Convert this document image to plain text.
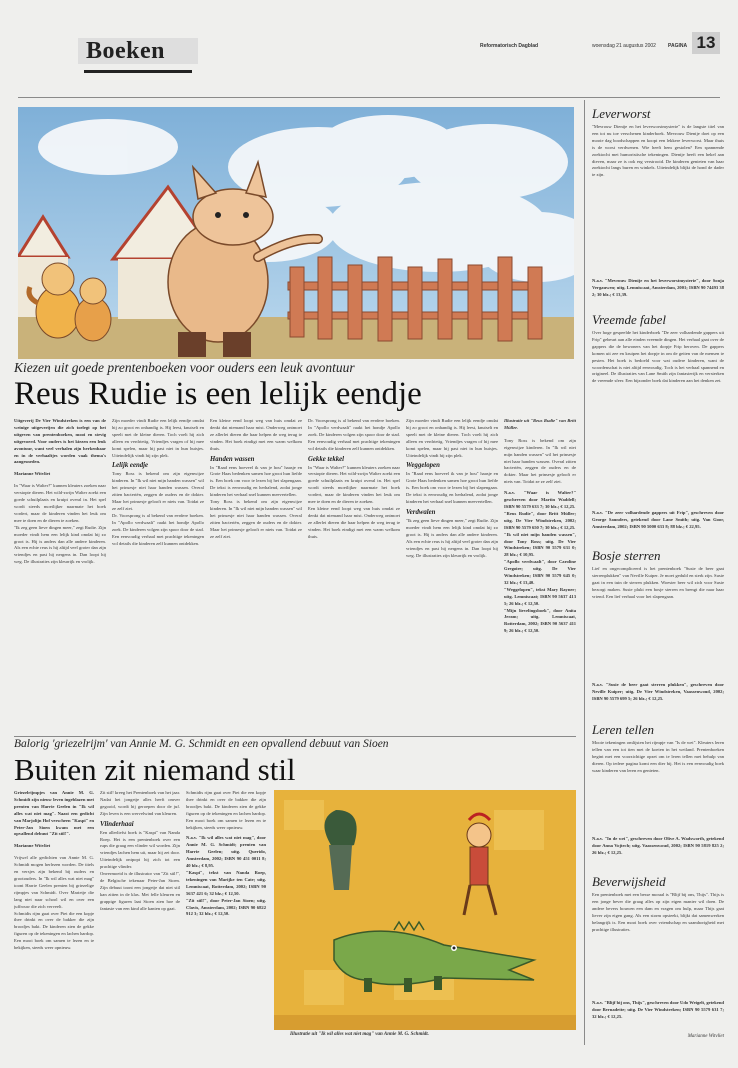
Boeken	Reformatorisch Dagblad	woensdag 21 augustus 2002 PAGINA 13
Kiezen uit goede prentenboeken voor ouders een leuk avontuur
Reus Rudie is een lelijk eendje

Uitgeverij De Vier Windstreken is een van de weinige uitgeverijen die zich toelegt op het uitgeven van prentenboeken, mooi en stevig uitgevoerd. Voor ouders is het kiezen een leuk avontuur, want veel verhalen zijn herkenbaar en in de verhaaltjes worden vaak thema's aangesneden.

Marianne Witvliet

In "Waar is Walter?" kunnen kleuters zoeken naar verstopte dieren. Het wild-zwijn Walter zoekt een goede schuilplaats en kruipt overal in. Het spel wordt steeds moeilijker naarmate het boek vordert, maar de kinderen vinden het leuk om mee te doen en de dieren te zoeken.

"Ik zeg geen lieve dingen meer," zegt Rudie. Zijn moeder vindt hem een lelijk kind omdat hij zo groot is. Hij is anders dan alle andere kinderen. Als een echte reus is hij altijd veel groter dan zijn vriendjes en past hij nergens in. Dan loopt hij weg. De illustraties zijn kleurrijk en vrolijk.

Zijn moeder vindt Rudie een lelijk eendje omdat hij zo groot en onhandig is. Hij leest, knutselt en speelt met de kleine dieren. Toch voelt hij zich alleen en verdrietig. Vriendjes vragen of hij mee komt spelen, maar hij past niet in hun huisjes. Uiteindelijk vindt hij zijn plek.

Lelijk eendje

Tony Ross is bekend om zijn eigenwijze kinderen. In "Ik wil niet mijn handen wassen" wil het prinsesje niet haar handen wassen. Overal zitten bacteriën, zeggen de ouders en de dokter. Maar het prinsesje gelooft er niets van. Totdat ze ze zelf ziet.

Dr. Voorsprong is al bekend van eerdere boeken. In "Apollo verdwaalt" raakt het hondje Apollo zoek. De kinderen volgen zijn spoor door de stad. Een eenvoudig verhaal met prachtige tekeningen vol details die kinderen zelf kunnen ontdekken.

Een kleine eend loopt weg van huis omdat ze denkt dat niemand haar mist. Onderweg ontmoet ze allerlei dieren die haar helpen de weg terug te vinden. Het boek eindigt met een warm welkom thuis.

Handen wassen

In "Raad eens hoeveel ik van je hou" haasje en Grote Haas bedenken samen hoe groot hun liefde is. Een boek om voor te lezen bij het slapengaan. De tekst is eenvoudig en herhalend, zodat jonge kinderen het verhaal snel kunnen meevertellen.

Tony Ross is bekend om zijn eigenwijze kinderen. In "Ik wil niet mijn handen wassen" wil het prinsesje niet haar handen wassen. Overal zitten bacteriën, zeggen de ouders en de dokter. Maar het prinsesje gelooft er niets van. Totdat ze ze zelf ziet.

Dr. Voorsprong is al bekend van eerdere boeken. In "Apollo verdwaalt" raakt het hondje Apollo zoek. De kinderen volgen zijn spoor door de stad. Een eenvoudig verhaal met prachtige tekeningen vol details die kinderen zelf kunnen ontdekken.

Gekke tekkel

In "Waar is Walter?" kunnen kleuters zoeken naar verstopte dieren. Het wild-zwijn Walter zoekt een goede schuilplaats en kruipt overal in. Het spel wordt steeds moeilijker naarmate het boek vordert, maar de kinderen vinden het leuk om mee te doen en de dieren te zoeken.

Een kleine eend loopt weg van huis omdat ze denkt dat niemand haar mist. Onderweg ontmoet ze allerlei dieren die haar helpen de weg terug te vinden. Het boek eindigt met een warm welkom thuis.

Zijn moeder vindt Rudie een lelijk eendje omdat hij zo groot en onhandig is. Hij leest, knutselt en speelt met de kleine dieren. Toch voelt hij zich alleen en verdrietig. Vriendjes vragen of hij mee komt spelen, maar hij past niet in hun huisjes. Uiteindelijk vindt hij zijn plek.

Weggelopen

In "Raad eens hoeveel ik van je hou" haasje en Grote Haas bedenken samen hoe groot hun liefde is. Een boek om voor te lezen bij het slapengaan. De tekst is eenvoudig en herhalend, zodat jonge kinderen het verhaal snel kunnen meevertellen.

Verdwalen

"Ik zeg geen lieve dingen meer," zegt Rudie. Zijn moeder vindt hem een lelijk kind omdat hij zo groot is. Hij is anders dan alle andere kinderen. Als een echte reus is hij altijd veel groter dan zijn vriendjes en past hij nergens in. Dan loopt hij weg. De illustraties zijn kleurrijk en vrolijk.

Illustratie uit "Reus Rudie" van Britt Müller.

Tony Ross is bekend om zijn eigenwijze kinderen. In "Ik wil niet mijn handen wassen" wil het prinsesje niet haar handen wassen. Overal zitten bacteriën, zeggen de ouders en de dokter. Maar het prinsesje gelooft er niets van. Totdat ze ze zelf ziet.

N.a.v. "Waar is Walter?" geschreven door Martin Waddell; ISBN 90 5579 633 7; 30 blz.; € 12,25.

"Reus Rudie", door Britt Müller; uitg. De Vier Windstreken, 2002; ISBN 90 5579 650 7; 30 blz.; € 12,25.

"Ik wil niet mijn handen wassen", door Tony Ross; uitg. De Vier Windstreken; ISBN 90 5579 631 0; 28 blz.; € 10,95.

"Apollo verdwaalt", door Caroline Gregoire; uitg. De Vier Windstreken; ISBN 90 5579 645 0; 32 blz.; € 13,40.

"Weggelopen", tekst Mary Rayner; uitg. Lemniscaat; ISBN 90 5637 413 5; 26 blz.; € 12,50.

"Mijn lievelingsboek", door Anita Jeram; uitg. Lemniscaat, Rotterdam, 2002; ISBN 90 5637 411 9; 26 blz.; € 12,50.

Balorig 'griezelrijm' van Annie M. G. Schmidt en een opvallend debuut van Sioen
Buiten zit niemand stil

Griezelrijmpjes van Annie M. G. Schmidt zijn nieuw leven ingeblazen met prenten van Harrie Geelen in "Ik wil alles wat niet mag". Naast een gedicht van Marjolijn Hof verscheen "Kaspi" en Peter-Jan Sioen kwam met een opvallend debuut "Zit stil!".

Marianne Witvliet

Vrijwel alle gedichten van Annie M. G. Schmidt mogen herlezen worden. De titels en versjes zijn bekend bij ouders en grootouders. In "Ik wil alles wat niet mag" toont Harrie Geelen prenten bij griezelige rijmpjes van Schmidt. Over Marietje die lang niet naar school wil en over een juffrouw die zich verveelt.

Schmidts rijm gaat over Piet die een kopje thee drinkt en over de bakker die zijn broodjes bakt. De kinderen zien de gekke figuren op de tekeningen en lachen hardop. Een mooi boek om samen te lezen en te bekijken, steeds weer opnieuw.

Zit stil! kreeg het Prentenboek van het jaar. Nadat het jongetje alles heeft omver gegooid, wordt hij geroepen door de juf. Zijn leven is een wervelwind van kleuren.

Vlinderhaai

Een allerliefst boek is "Kaspi" van Nanda Roep. Het is een prentenboek over een rups die graag een vlinder wil worden. Zijn vriendjes lachen hem uit, maar hij zet door. Uiteindelijk ontpopt hij zich tot een prachtige vlinder.

Onvermoeid is de illustrator van "Zit stil!", de Belgische tekenaar Peter-Jan Sioen. Zijn debuut toont een jongetje dat niet stil kan zitten in de klas. Met felle kleuren en grappige figuren laat Sioen zien hoe de fantasie van een kind alle kanten op gaat.

Schmidts rijm gaat over Piet die een kopje thee drinkt en over de bakker die zijn broodjes bakt. De kinderen zien de gekke figuren op de tekeningen en lachen hardop. Een mooi boek om samen te lezen en te bekijken, steeds weer opnieuw.

N.a.v. "Ik wil alles wat niet mag", door Annie M. G. Schmidt; prenten van Harrie Geelen; uitg. Querido, Amsterdam, 2002; ISBN 90 451 0011 8; 40 blz.; € 8,95.

"Kaspi", tekst van Nanda Roep, tekeningen van Marijke ten Cate; uitg. Lemniscaat, Rotterdam, 2002; ISBN 90 5637 421 6; 32 blz.; € 12,50.

"Zit stil!", door Peter-Jan Sioen; uitg. Clavis, Amsterdam, 2002; ISBN 90 6822 912 3; 32 blz.; € 12,50.

Illustratie uit "Ik wil alles wat niet mag" van Annie M. G. Schmidt.
Leverworst
"Mevrouw Dienije en het leverworstmysterie" is de langste titel van een tot nu toe verschenen kinderboek. Mevrouw Dienije doet op een mooie dag boodschappen en koopt een lekkere leverworst. Maar thuis is de worst verdwenen. Wie heeft hem gestolen? Een spannende zoektocht met humoristische tekeningen. Dienije heeft een hekel aan dieven, maar ze is ook erg verstrooid. De kinderen genieten van haar zoektocht langs buren en winkels. Uiteindelijk blijkt de hond de dader te zijn.
N.a.v. "Mevrouw Dienije en het leverworstmysterie", door Sonja Vergauwen; uitg. Lemniscaat, Amsterdam, 2001; ISBN 90 74493 38 2; 30 blz.; € 13,39.
Vreemde fabel
Over hoge gespeelde het kinderboek "De zeer volhardende gappers uit Frip" gebeurt aan alle einden vreemde dingen. Het verhaal gaat over de gappers die de bewoners van het dorpje Frip beroven. De gappers komen uit zee en kruipen het dorpje in om de geiten van de mensen te pesten. Het boek is bedoeld voor wat oudere kinderen, want de woordenschat is niet altijd eenvoudig. Toch is het verhaal spannend en origineel. De illustraties van Lane Smith zijn fantasierijk en versterken de vreemde sfeer. Een bijzonder boek dat kinderen aan het denken zet.
N.a.v. "De zeer volhardende gappers uit Frip", geschreven door George Saunders, getekend door Lane Smith; uitg. Van Goor, Amsterdam, 2002; ISBN 90 5000 633 8; 88 blz.; € 22,95.
Bosje sterren
Lief en ongecompliceerd is het prentenboek "Susie de beer gaat sterrenplukken" van Neville Kuiper. Je moet geduld en sterk zijn. Susie gaat in een tuin de sterren plukken. Woester beer wil zich voor Susie bezorgt maken. Susie plukt een bosje sterren en brengt die naar haar vriend. Een lief verhaal voor het slapengaan.
N.a.v. "Susie de beer gaat sterren plukken", geschreven door Neville Kuiper; uitg. De Vier Windstreken, Vaassenwoud, 2002; ISBN 90 5579 699 5; 26 blz.; € 12,25.
Leren tellen
Mooie tekeningen omlijsten het rijmpje van "Is de wei". Kleuters leren tellen van een tot tien met de koeien in het weiland. Prentenboeken begint met een voorzichtige opzet om te leren tellen met behulp van dieren. Op iedere pagina komt een dier bij. Het is een eenvoudig boek waar kinderen van leren en genieten.
N.a.v. "In de wei", geschreven door Olive A. Wadsworth, getekend door Anna Vojtech; uitg. Vaassenwoud, 2002; ISBN 90 5819 825 2; 26 blz.; € 12,25.
Beverwijsheid
Een prentenboek met een besse moraal is "Blijf bij ons, Thijs". Thijs is een jonge bever die graag alles op zijn eigen manier wil doen. De andere bevers bouwen een dam en vragen om hulp, maar Thijs gaat liever zijn eigen gang. Als een storm opsteekt, blijkt dat samenwerken belangrijk is. Een mooi boek over vriendschap en saamhorigheid met prachtige illustraties.
N.a.v. "Blijf bij ons, Thijs", geschreven door Udo Weigelt, getekend door Bernadette; uitg. De Vier Windstreken; ISBN 90 5579 631 7; 32 blz.; € 12,25.
Marianne Witvliet
